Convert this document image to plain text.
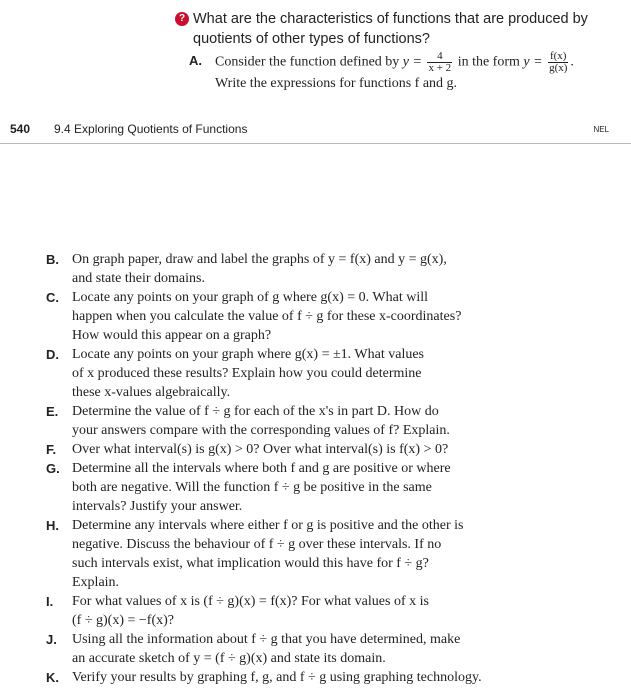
? What are the characteristics of functions that are produced by quotients of other types of functions?
A. Consider the function defined by $y = \frac{4}{x + 2}$ in the form $y = \frac{f(x)}{g(x)}$ .
Write the expressions for functions f and g.
540 9.4 Exploring Quotients of Functions	NEL
B. On graph paper, draw and label the graphs of y = f(x) and y = g(x),
and state their domains.
C. Locate any points on your graph of g where g(x) = 0. What will
happen when you calculate the value of f ÷ g for these x-coordinates?
How would this appear on a graph?
D. Locate any points on your graph where g(x) = ±1. What values
of x produced these results? Explain how you could determine
these x-values algebraically.
E. Determine the value of f ÷ g for each of the x's in part D. How do
your answers compare with the corresponding values of f? Explain.
F. Over what interval(s) is g(x) > 0? Over what interval(s) is f(x) > 0?
G. Determine all the intervals where both f and g are positive or where
both are negative. Will the function f ÷ g be positive in the same
intervals? Justify your answer.
H. Determine any intervals where either f or g is positive and the other is
negative. Discuss the behaviour of f ÷ g over these intervals. If no
such intervals exist, what implication would this have for f ÷ g?
Explain.
I. For what values of x is (f ÷ g)(x) = f(x)? For what values of x is
(f ÷ g)(x) = −f(x)?
J. Using all the information about f ÷ g that you have determined, make
an accurate sketch of y = (f ÷ g)(x) and state its domain.
K. Verify your results by graphing f, g, and f ÷ g using graphing technology.
